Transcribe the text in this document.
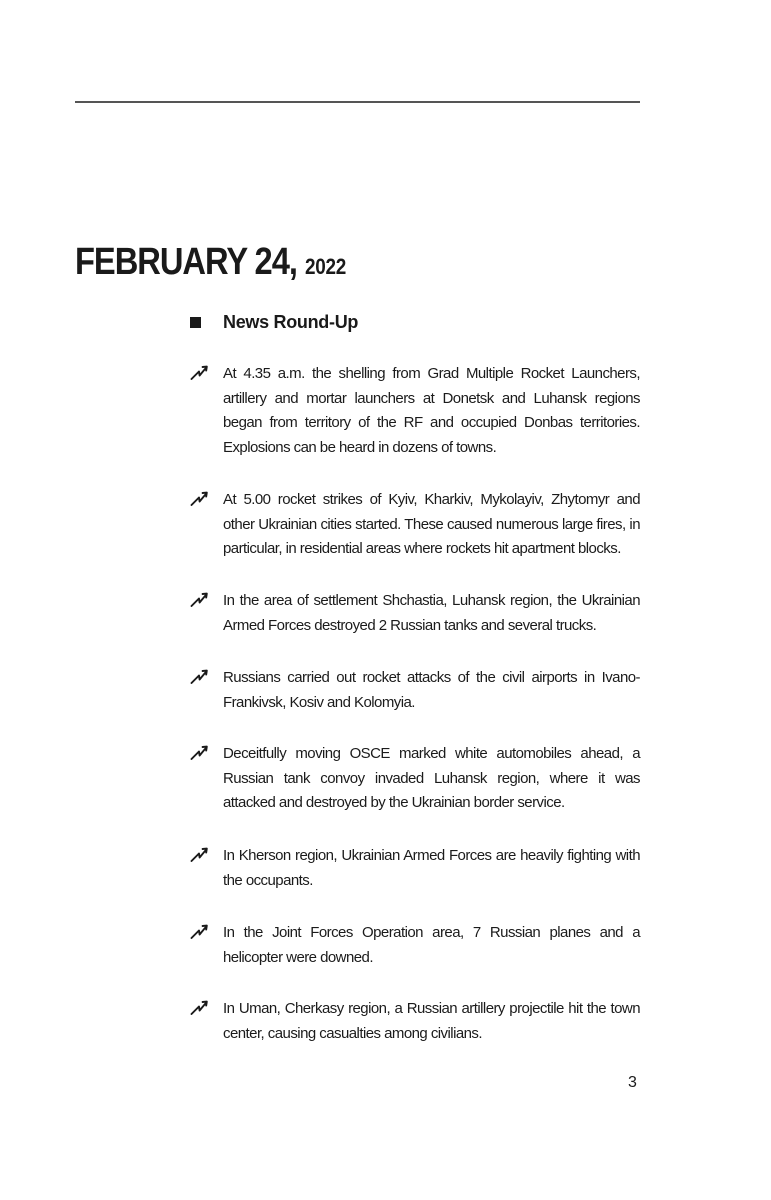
FEBRUARY 24, 2022
News Round-Up

At 4.35 a.m. the shelling from Grad Multiple Rocket Launchers, artillery and mortar launchers at Donetsk and Luhansk regions began from territory of the RF and occupied Donbas territories. Explosions can be heard in dozens of towns.

At 5.00 rocket strikes of Kyiv, Kharkiv, Mykolayiv, Zhytomyr and other Ukrainian cities started. These caused numerous large fires, in particular, in residential areas where rockets hit apartment blocks.

In the area of settlement Shchastia, Luhansk region, the Ukrainian Armed Forces destroyed 2 Russian tanks and several trucks.

Russians carried out rocket attacks of the civil airports in Ivano-Frankivsk, Kosiv and Kolomyia.

Deceitfully moving OSCE marked white automobiles ahead, a Russian tank convoy invaded Luhansk region, where it was attacked and destroyed by the Ukrainian border service.

In Kherson region, Ukrainian Armed Forces are heavily fighting with the occupants.

In the Joint Forces Operation area, 7 Russian planes and a helicopter were downed.

In Uman, Cherkasy region, a Russian artillery projectile hit the town center, causing casualties among civilians.

3
